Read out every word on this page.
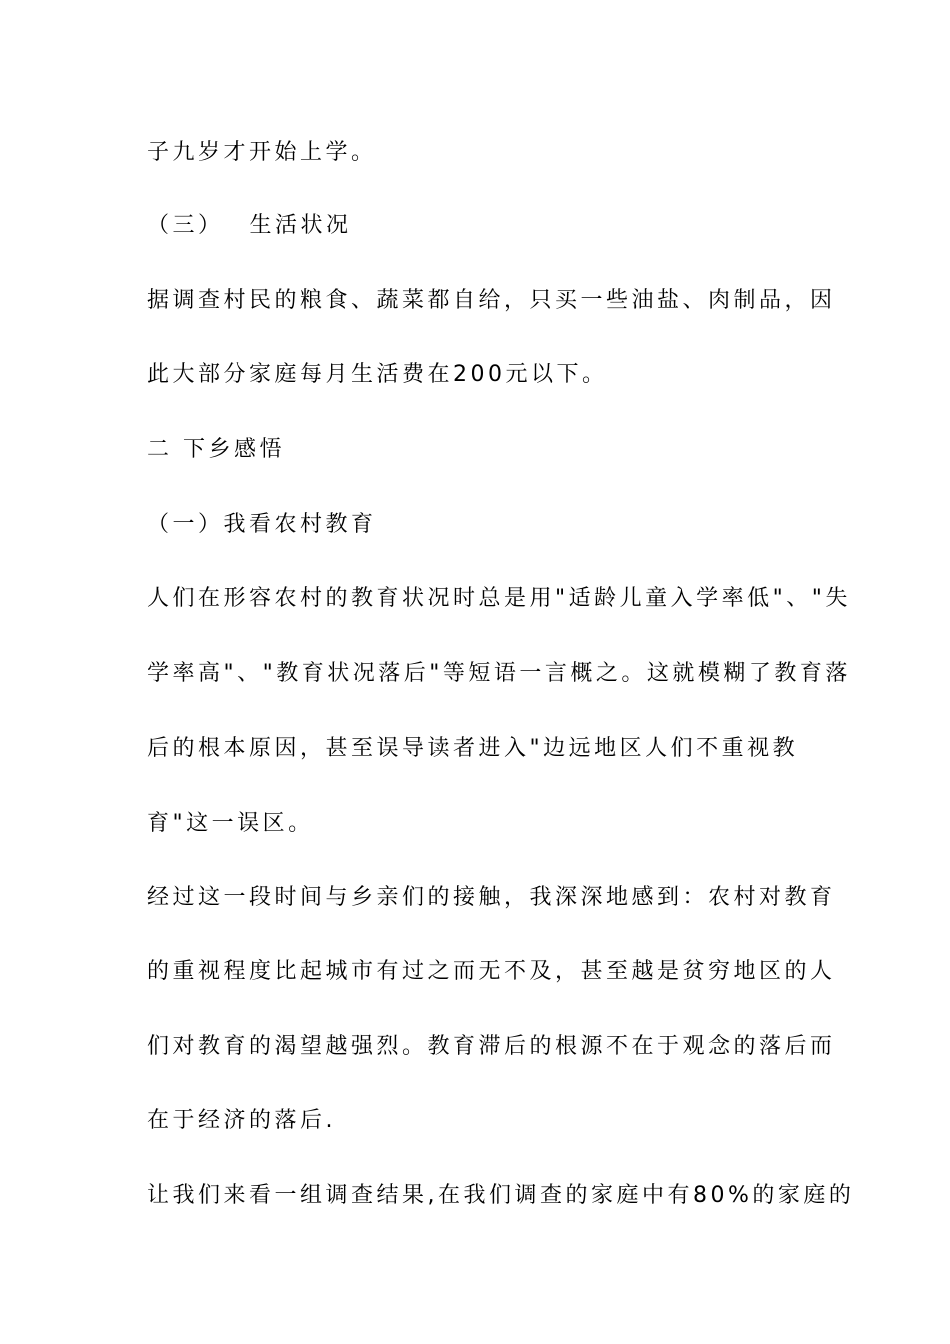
子九岁才开始上学。
（三） 生活状况
据调查村民的粮食、蔬菜都自给，只买一些油盐、肉制品，因
此大部分家庭每月生活费在200元以下。
二 下乡感悟
（一）我看农村教育
人们在形容农村的教育状况时总是用"适龄儿童入学率低"、"失
学率高"、"教育状况落后"等短语一言概之。这就模糊了教育落
后的根本原因，甚至误导读者进入"边远地区人们不重视教
育"这一误区。
经过这一段时间与乡亲们的接触，我深深地感到：农村对教育
的重视程度比起城市有过之而无不及，甚至越是贫穷地区的人
们对教育的渴望越强烈。教育滞后的根源不在于观念的落后而
在于经济的落后.
让我们来看一组调查结果,在我们调查的家庭中有80%的家庭的
